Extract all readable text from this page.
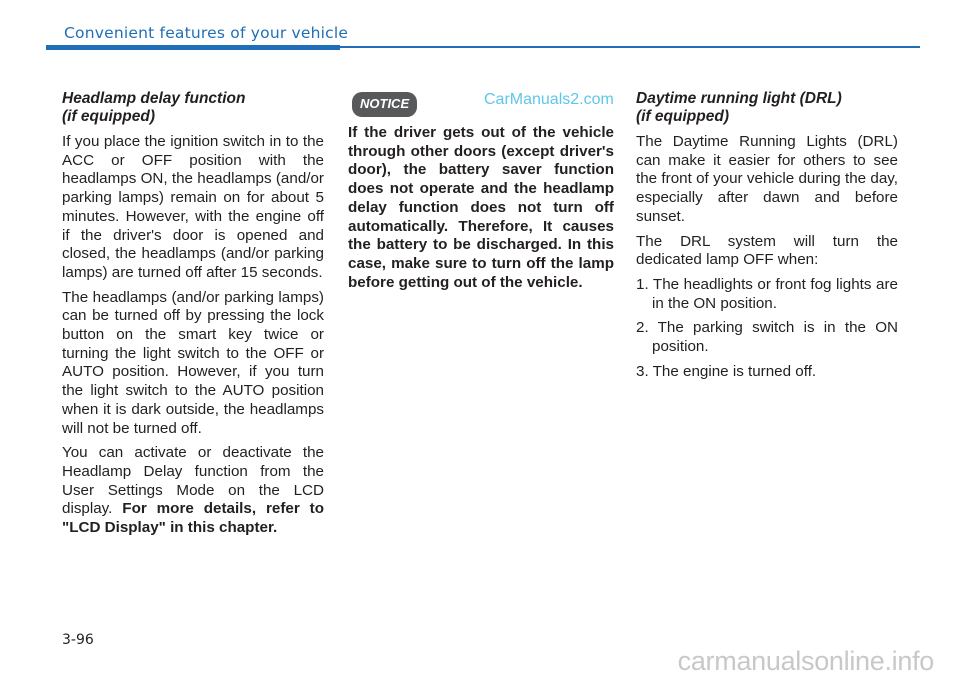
Convenient features of your vehicle
Headlamp delay function
(if equipped)

If you place the ignition switch in to the ACC or OFF position with the headlamps ON, the headlamps (and/or parking lamps) remain on for about 5 minutes. However, with the engine off if the driver's door is opened and closed, the headlamps (and/or parking lamps) are turned off after 15 seconds.

The headlamps (and/or parking lamps) can be turned off by pressing the lock button on the smart key twice or turning the light switch to the OFF or AUTO position. However, if you turn the light switch to the AUTO position when it is dark outside, the headlamps will not be turned off.

You can activate or deactivate the Headlamp Delay function from the User Settings Mode on the LCD display. For more details, refer to "LCD Display" in this chapter.

NOTICE	CarManuals2.com
If the driver gets out of the vehicle through other doors (except driver's door), the battery saver function does not operate and the headlamp delay function does not turn off automatically. Therefore, It causes the battery to be discharged. In this case, make sure to turn off the lamp before getting out of the vehicle.
Daytime running light (DRL)
(if equipped)

The Daytime Running Lights (DRL) can make it easier for others to see the front of your vehicle during the day, especially after dawn and before sunset.

The DRL system will turn the dedicated lamp OFF when:

1. The headlights or front fog lights are in the ON position.
2. The parking switch is in the ON position.
3. The engine is turned off.
3-96
carmanualsonline.info
